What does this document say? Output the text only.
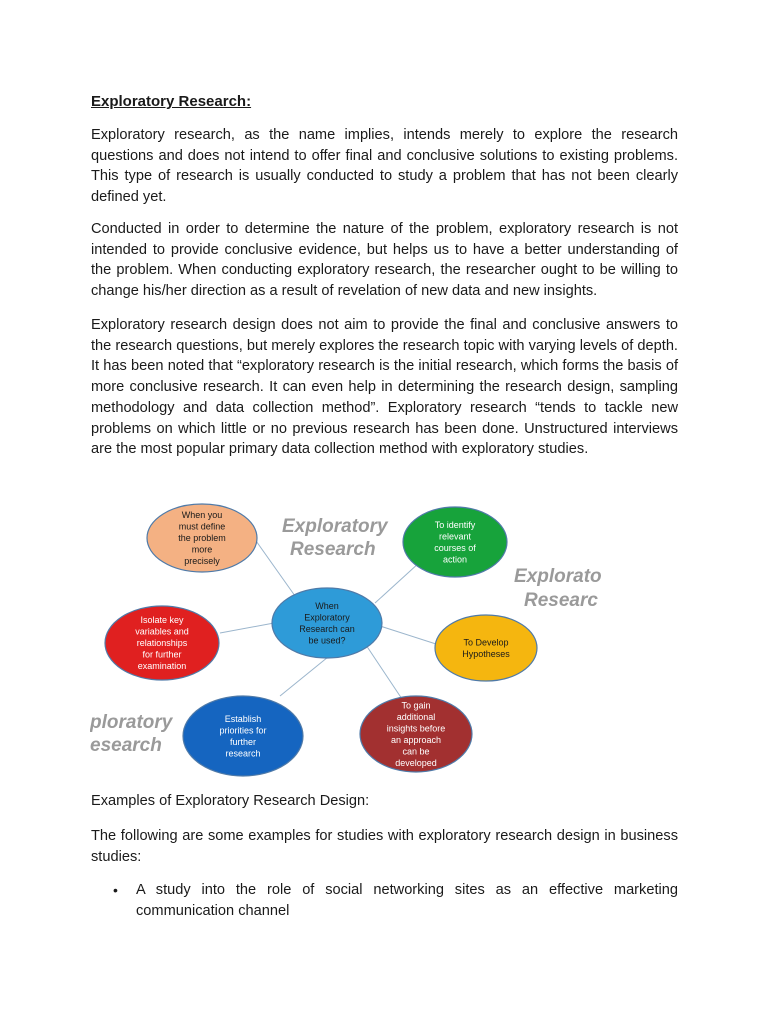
Exploratory Research:

Exploratory research, as the name implies, intends merely to explore the research questions and does not intend to offer final and conclusive solutions to existing problems. This type of research is usually conducted to study a problem that has not been clearly defined yet.

Conducted in order to determine the nature of the problem, exploratory research is not intended to provide conclusive evidence, but helps us to have a better understanding of the problem. When conducting exploratory research, the researcher ought to be willing to change his/her direction as a result of revelation of new data and new insights.

Exploratory research design does not aim to provide the final and conclusive answers to the research questions, but merely explores the research topic with varying levels of depth. It has been noted that “exploratory research is the initial research, which forms the basis of more conclusive research. It can even help in determining the research design, sampling methodology and data collection method”. Exploratory research “tends to tackle new problems on which little or no previous research has been done. Unstructured interviews are the most popular primary data collection method with exploratory studies.

Exploratory
Research
Explorato
Researc
ploratory
esearch
When you
must define
the problem
more
precisely
To identify
relevant
courses of
action
To Develop
Hypotheses
To gain
additional
insights before
an approach
can be
developed
Establish
priorities for
further
research
Isolate key
variables and
relationships
for further
examination
When
Exploratory
Research can
be used?

Examples of Exploratory Research Design:

The following are some examples for studies with exploratory research design in business studies:

• A study into the role of social networking sites as an effective marketing communication channel
